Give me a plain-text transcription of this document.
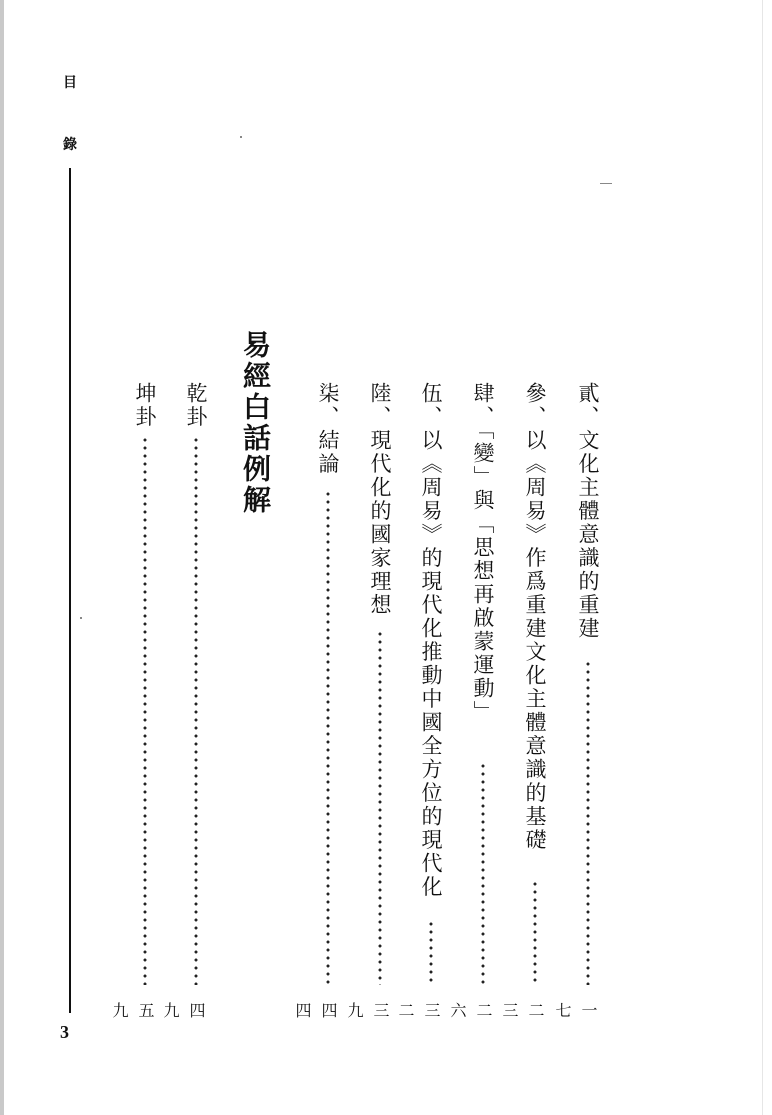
目
錄
3
貳、文化主體意識的重建
一七
參、以《周易》作爲重建文化主體意識的基礎
二三
肆、「變」與「思想再啟蒙運動」
二六
伍、以《周易》的現代化推動中國全方位的現代化
三二
陸、現代化的國家理想
三九
柒、結論
四四
易經白話例解
乾卦
四九
坤卦
五九
